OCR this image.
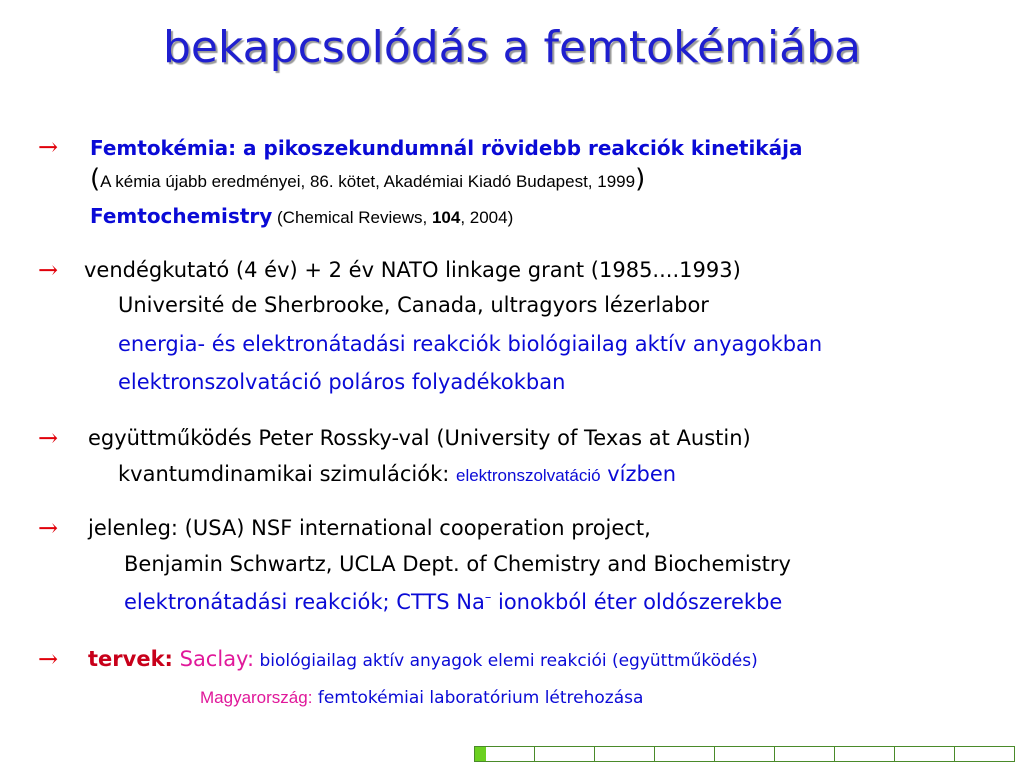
bekapcsolódás a femtokémiába
→ Femtokémia: a pikoszekundumnál rövidebb reakciók kinetikája
(A kémia újabb eredményei, 86. kötet, Akadémiai Kiadó Budapest, 1999)
Femtochemistry (Chemical Reviews, 104, 2004)
→ vendégkutató (4 év) + 2 év NATO linkage grant (1985....1993)
Université de Sherbrooke, Canada, ultragyors lézerlabor
energia- és elektronátadási reakciók biológiailag aktív anyagokban
elektronszolvatáció poláros folyadékokban
→ együttműködés Peter Rossky-val (University of Texas at Austin)
kvantumdinamikai szimulációk: elektronszolvatáció vízben
→ jelenleg: (USA) NSF international cooperation project,
Benjamin Schwartz, UCLA Dept. of Chemistry and Biochemistry
elektronátadási reakciók; CTTS Na– ionokból éter oldószerekbe
→ tervek: Saclay: biológiailag aktív anyagok elemi reakciói (együttműködés)
Magyarország: femtokémiai laboratórium létrehozása
